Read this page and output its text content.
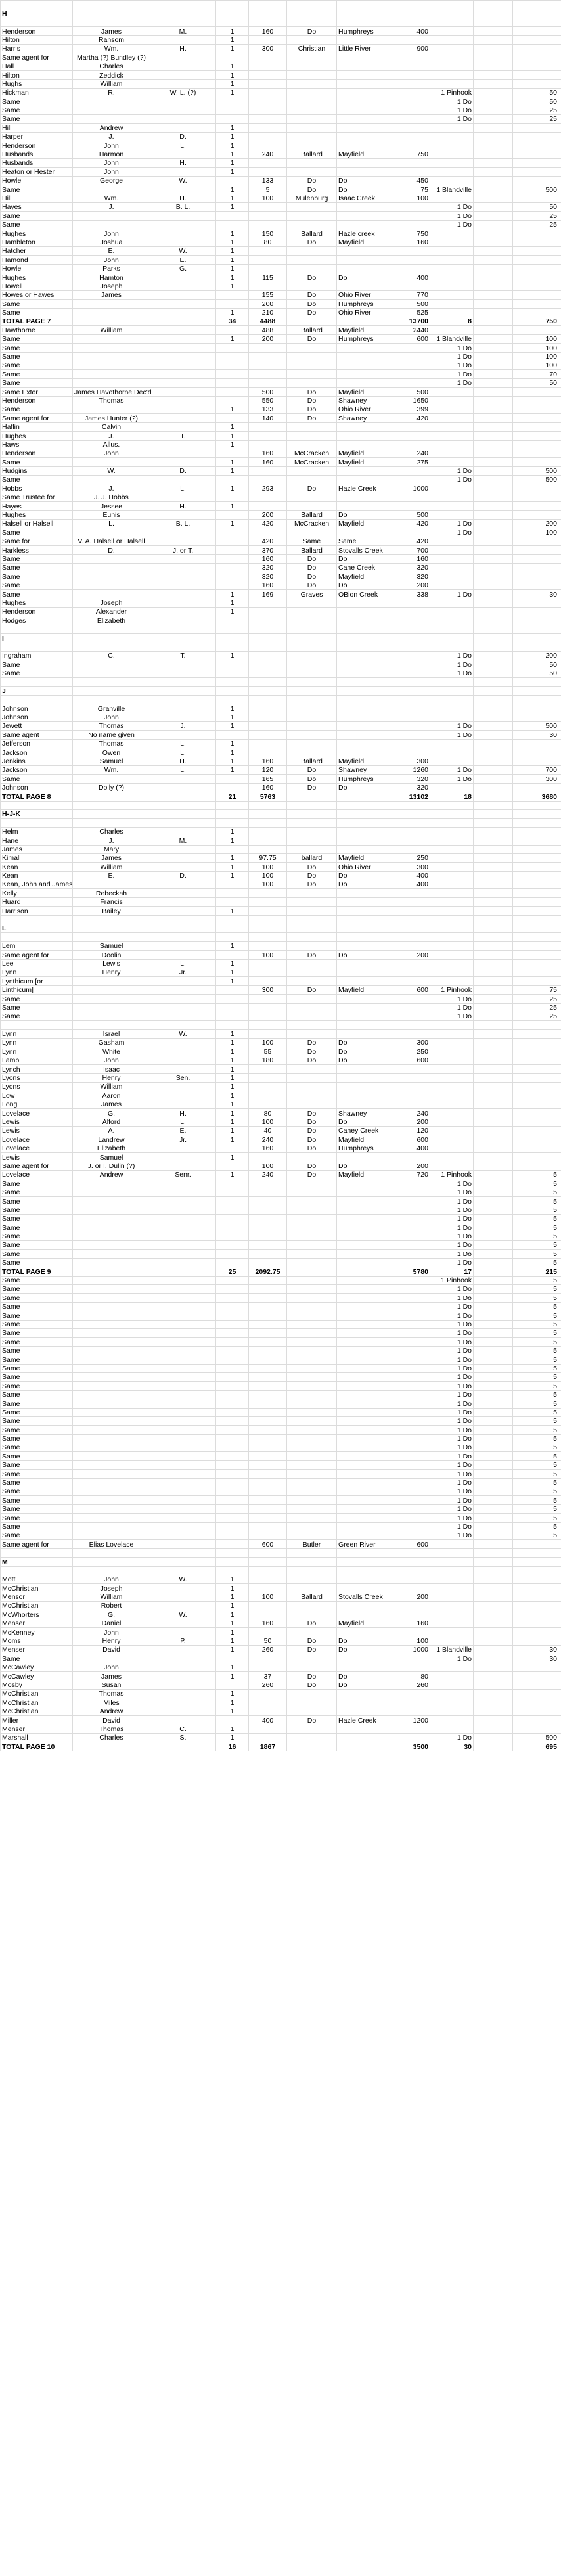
H										

Henderson	James	M.	1	160	Do	Humphreys	400			
Hilton	Ransom		1							
Harris	Wm.	H.	1	300	Christian	Little River	900			
Same agent for	Martha (?) Bundley (?)									
Hall	Charles		1							
Hilton	Zeddick		1							
Hughs	William		1							
Hickman	R.	W. L. (?)	1					1 Pinhook		50
Same								1 Do		50
Same								1 Do		25
Same								1 Do		25
Hill	Andrew		1							
Harper	J.	D.	1							
Henderson	John	L.	1							
Husbands	Harmon		1	240	Ballard	Mayfield	750			
Husbands	John	H.	1							
Heaton or Hester	John		1							
Howle	George	W.		133	Do	Do	450			
Same			1	5	Do	Do	75	1 Blandville		500
Hill	Wm.	H.	1	100	Mulenburg	Isaac Creek	100			
Hayes	J.	B. L.	1					1 Do		50
Same								1 Do		25
Same								1 Do		25
Hughes	John		1	150	Ballard	Hazle creek	750			
Hambleton	Joshua		1	80	Do	Mayfield	160			
Hatcher	E.	W.	1							
Hamond	John	E.	1							
Howle	Parks	G.	1							
Hughes	Hamton		1	115	Do	Do	400			
Howell	Joseph		1							
Howes or Hawes	James			155	Do	Ohio River	770			
Same				200	Do	Humphreys	500			
Same			1	210	Do	Ohio River	525			
TOTAL PAGE 7			34	4488			13700	8		750
Hawthorne	William			488	Ballard	Mayfield	2440			
Same			1	200	Do	Humphreys	600	1 Blandville		100
Same								1 Do		100
Same								1 Do		100
Same								1 Do		100
Same								1 Do		70
Same								1 Do		50
Same Extor	James Havothorne Dec'd			500	Do	Mayfield	500			
Henderson	Thomas			550	Do	Shawney	1650			
Same			1	133	Do	Ohio River	399			
Same agent for	James Hunter (?)			140	Do	Shawney	420			
Haflin	Calvin		1							
Hughes	J.	T.	1							
Haws	Allus.		1							
Henderson	John			160	McCracken	Mayfield	240			
Same			1	160	McCracken	Mayfield	275			
Hudgins	W.	D.	1					1 Do		500
Same								1 Do		500
Hobbs	J.	L.	1	293	Do	Hazle Creek	1000			
Same Trustee for	J. J. Hobbs									
Hayes	Jessee	H.	1							
Hughes	Eunis			200	Ballard	Do	500			
Halsell or Halsell	L.	B. L.	1	420	McCracken	Mayfield	420	1 Do		200
Same								1 Do		100
Same for	V. A. Halsell or Halsell			420	Same	Same	420			
Harkless	D.	J. or T.		370	Ballard	Stovalls Creek	700			
Same				160	Do	Do	160			
Same				320	Do	Cane Creek	320			
Same				320	Do	Mayfield	320			
Same				160	Do	Do	200			
Same			1	169	Graves	OBion Creek	338	1 Do		30
Hughes	Joseph		1							
Henderson	Alexander		1							
Hodges	Elizabeth									

I										

Ingraham	C.	T.	1					1 Do		200
Same								1 Do		50
Same								1 Do		50

J										

Johnson	Granville		1							
Johnson	John		1							
Jewett	Thomas	J.	1					1 Do		500
Same agent	No name given							1 Do		30
Jefferson	Thomas	L.	1							
Jackson	Owen	L.	1							
Jenkins	Samuel	H.	1	160	Ballard	Mayfield	300			
Jackson	Wm.	L.	1	120	Do	Shawney	1260	1 Do		700
Same				165	Do	Humphreys	320	1 Do		300
Johnson	Dolly (?)			160	Do	Do	320			
TOTAL PAGE 8			21	5763			13102	18		3680

H-J-K										

Helm	Charles		1							
Hane	J.	M.	1							
James	Mary									
Kimall	James		1	97.75	ballard	Mayfield	250			
Kean	William		1	100	Do	Ohio River	300			
Kean	E.	D.	1	100	Do	Do	400			
Kean, John and James				100	Do	Do	400			
Kelly	Rebeckah									
Huard	Francis									
Harrison	Bailey		1							

L										

Lem	Samuel		1							
Same agent for	Doolin			100	Do	Do	200			
Lee	Lewis	L.	1							
Lynn	Henry	Jr.	1							
Lynthicum [or			1							
Linthicum]				300	Do	Mayfield	600	1 Pinhook		75
Same								1 Do		25
Same								1 Do		25
Same								1 Do		25

Lynn	Israel	W.	1							
Lynn	Gasham		1	100	Do	Do	300			
Lynn	White		1	55	Do	Do	250			
Lamb	John		1	180	Do	Do	600			
Lynch	Isaac		1							
Lyons	Henry	Sen.	1							
Lyons	William		1							
Low	Aaron		1							
Long	James		1							
Lovelace	G.	H.	1	80	Do	Shawney	240			
Lewis	Alford	L.	1	100	Do	Do	200			
Lewis	A.	E.	1	40	Do	Caney Creek	120			
Lovelace	Landrew	Jr.	1	240	Do	Mayfield	600			
Lovelace	Elizabeth			160	Do	Humphreys	400			
Lewis	Samuel		1							
Same agent for	J. or I. Dulin (?)			100	Do	Do	200			
Lovelace	Andrew	Senr.	1	240	Do	Mayfield	720	1 Pinhook		5
Same								1 Do		5
Same								1 Do		5
Same								1 Do		5
Same								1 Do		5
Same								1 Do		5
Same								1 Do		5
Same								1 Do		5
Same								1 Do		5
Same								1 Do		5
Same								1 Do		5
TOTAL PAGE 9			25	2092.75			5780	17		215
Same								1 Pinhook		5
Same								1 Do		5
Same								1 Do		5
Same								1 Do		5
Same								1 Do		5
Same								1 Do		5
Same								1 Do		5
Same								1 Do		5
Same								1 Do		5
Same								1 Do		5
Same								1 Do		5
Same								1 Do		5
Same								1 Do		5
Same								1 Do		5
Same								1 Do		5
Same								1 Do		5
Same								1 Do		5
Same								1 Do		5
Same								1 Do		5
Same								1 Do		5
Same								1 Do		5
Same								1 Do		5
Same								1 Do		5
Same								1 Do		5
Same								1 Do		5
Same								1 Do		5
Same								1 Do		5
Same								1 Do		5
Same								1 Do		5
Same								1 Do		5
Same agent for	Elias Lovelace			600	Butler	Green River	600			

M										

Mott	John	W.	1							
McChristian	Joseph		1							
Mensor	William		1	100	Ballard	Stovalls Creek	200			
McChristian	Robert		1							
McWhorters	G.	W.	1							
Menser	Daniel		1	160	Do	Mayfield	160			
McKenney	John		1							
Moms	Henry	P.	1	50	Do	Do	100			
Menser	David		1	260	Do	Do	1000	1 Blandville		30
Same								1 Do		30
McCawley	John		1							
McCawley	James		1	37	Do	Do	80			
Mosby	Susan			260	Do	Do	260			
McChristian	Thomas		1							
McChristian	Miles		1							
McChristian	Andrew		1							
Miller	David			400	Do	Hazle Creek	1200			
Menser	Thomas	C.	1							
Marshall	Charles	S.	1					1 Do		500
TOTAL PAGE 10			16	1867			3500	30		695
